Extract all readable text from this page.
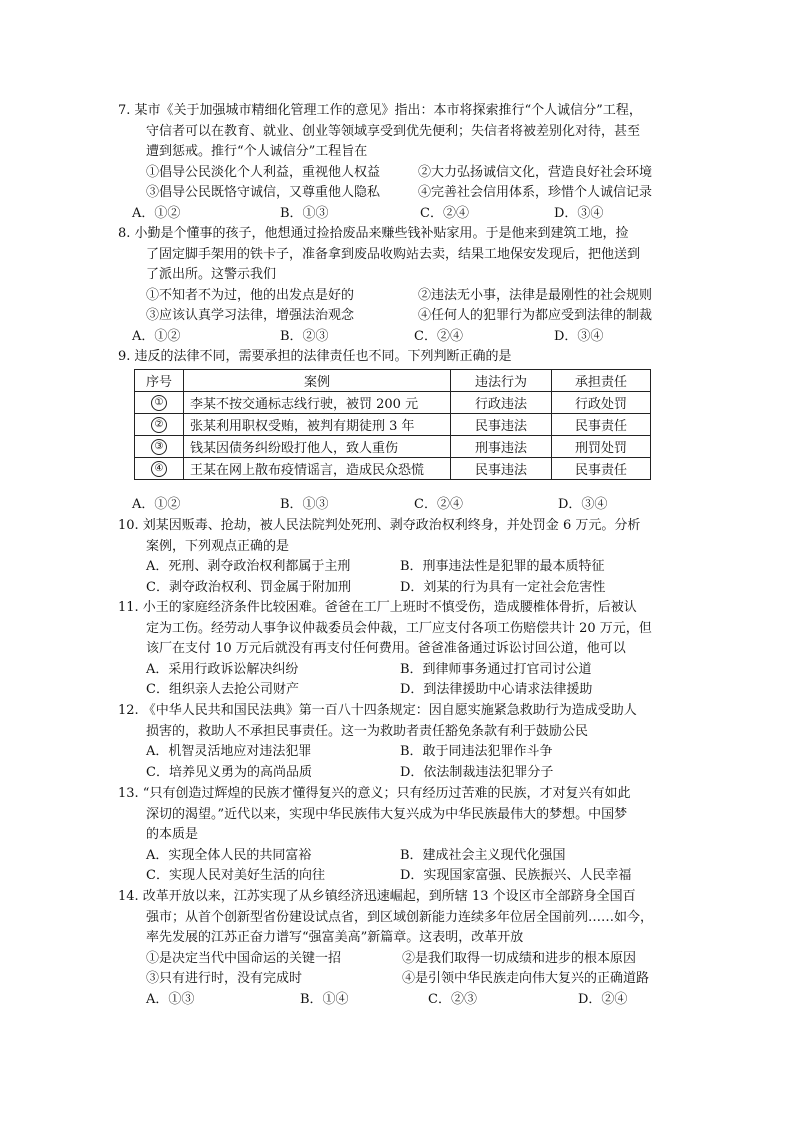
7. 某市《关于加强城市精细化管理工作的意见》指出：本市将探索推行“个人诚信分”工程，
守信者可以在教育、就业、创业等领域享受到优先便利；失信者将被差别化对待，甚至
遭到惩戒。推行“个人诚信分”工程旨在
①倡导公民淡化个人利益，重视他人权益	②大力弘扬诚信文化，营造良好社会环境
③倡导公民既恪守诚信，又尊重他人隐私	④完善社会信用体系，珍惜个人诚信记录
A．①②	B．①③	C．②④	D．③④
8. 小勤是个懂事的孩子，他想通过捡拾废品来赚些钱补贴家用。于是他来到建筑工地，捡
了固定脚手架用的铁卡子，准备拿到废品收购站去卖，结果工地保安发现后，把他送到
了派出所。这警示我们
①不知者不为过，他的出发点是好的	②违法无小事，法律是最刚性的社会规则
③应该认真学习法律，增强法治观念	④任何人的犯罪行为都应受到法律的制裁
A．①②	B．②③	C．②④	D．③④
9. 违反的法律不同，需要承担的法律责任也不同。下列判断正确的是
序号	案例	违法行为	承担责任
①	李某不按交通标志线行驶，被罚 200 元	行政违法	行政处罚
②	张某利用职权受贿，被判有期徒刑 3 年	民事违法	民事责任
③	钱某因债务纠纷殴打他人，致人重伤	刑事违法	刑罚处罚
④	王某在网上散布疫情谣言，造成民众恐慌	民事违法	民事责任
A．①②	B．①③	C．②④	D．③④
10. 刘某因贩毒、抢劫，被人民法院判处死刑、剥夺政治权利终身，并处罚金 6 万元。分析
案例，下列观点正确的是
A．死刑、剥夺政治权利都属于主刑	B．刑事违法性是犯罪的最本质特征
C．剥夺政治权利、罚金属于附加刑	D．刘某的行为具有一定社会危害性
11. 小王的家庭经济条件比较困难。爸爸在工厂上班时不慎受伤，造成腰椎体骨折，后被认
定为工伤。经劳动人事争议仲裁委员会仲裁，工厂应支付各项工伤赔偿共计 20 万元，但
该厂在支付 10 万元后就没有再支付任何费用。爸爸准备通过诉讼讨回公道，他可以
A．采用行政诉讼解决纠纷	B．到律师事务通过打官司讨公道
C．组织亲人去抢公司财产	D．到法律援助中心请求法律援助
12. 《中华人民共和国民法典》第一百八十四条规定：因自愿实施紧急救助行为造成受助人
损害的，救助人不承担民事责任。这一为救助者责任豁免条款有利于鼓励公民
A．机智灵活地应对违法犯罪	B．敢于同违法犯罪作斗争
C．培养见义勇为的高尚品质	D．依法制裁违法犯罪分子
13. “只有创造过辉煌的民族才懂得复兴的意义；只有经历过苦难的民族，才对复兴有如此
深切的渴望。”近代以来，实现中华民族伟大复兴成为中华民族最伟大的梦想。中国梦
的本质是
A．实现全体人民的共同富裕	B．建成社会主义现代化强国
C．实现人民对美好生活的向往	D．实现国家富强、民族振兴、人民幸福
14. 改革开放以来，江苏实现了从乡镇经济迅速崛起，到所辖 13 个设区市全部跻身全国百
强市；从首个创新型省份建设试点省，到区域创新能力连续多年位居全国前列……如今，
率先发展的江苏正奋力谱写“强富美高”新篇章。这表明，改革开放
①是决定当代中国命运的关键一招	②是我们取得一切成绩和进步的根本原因
③只有进行时，没有完成时	④是引领中华民族走向伟大复兴的正确道路
A．①③	B．①④	C．②③	D．②④
